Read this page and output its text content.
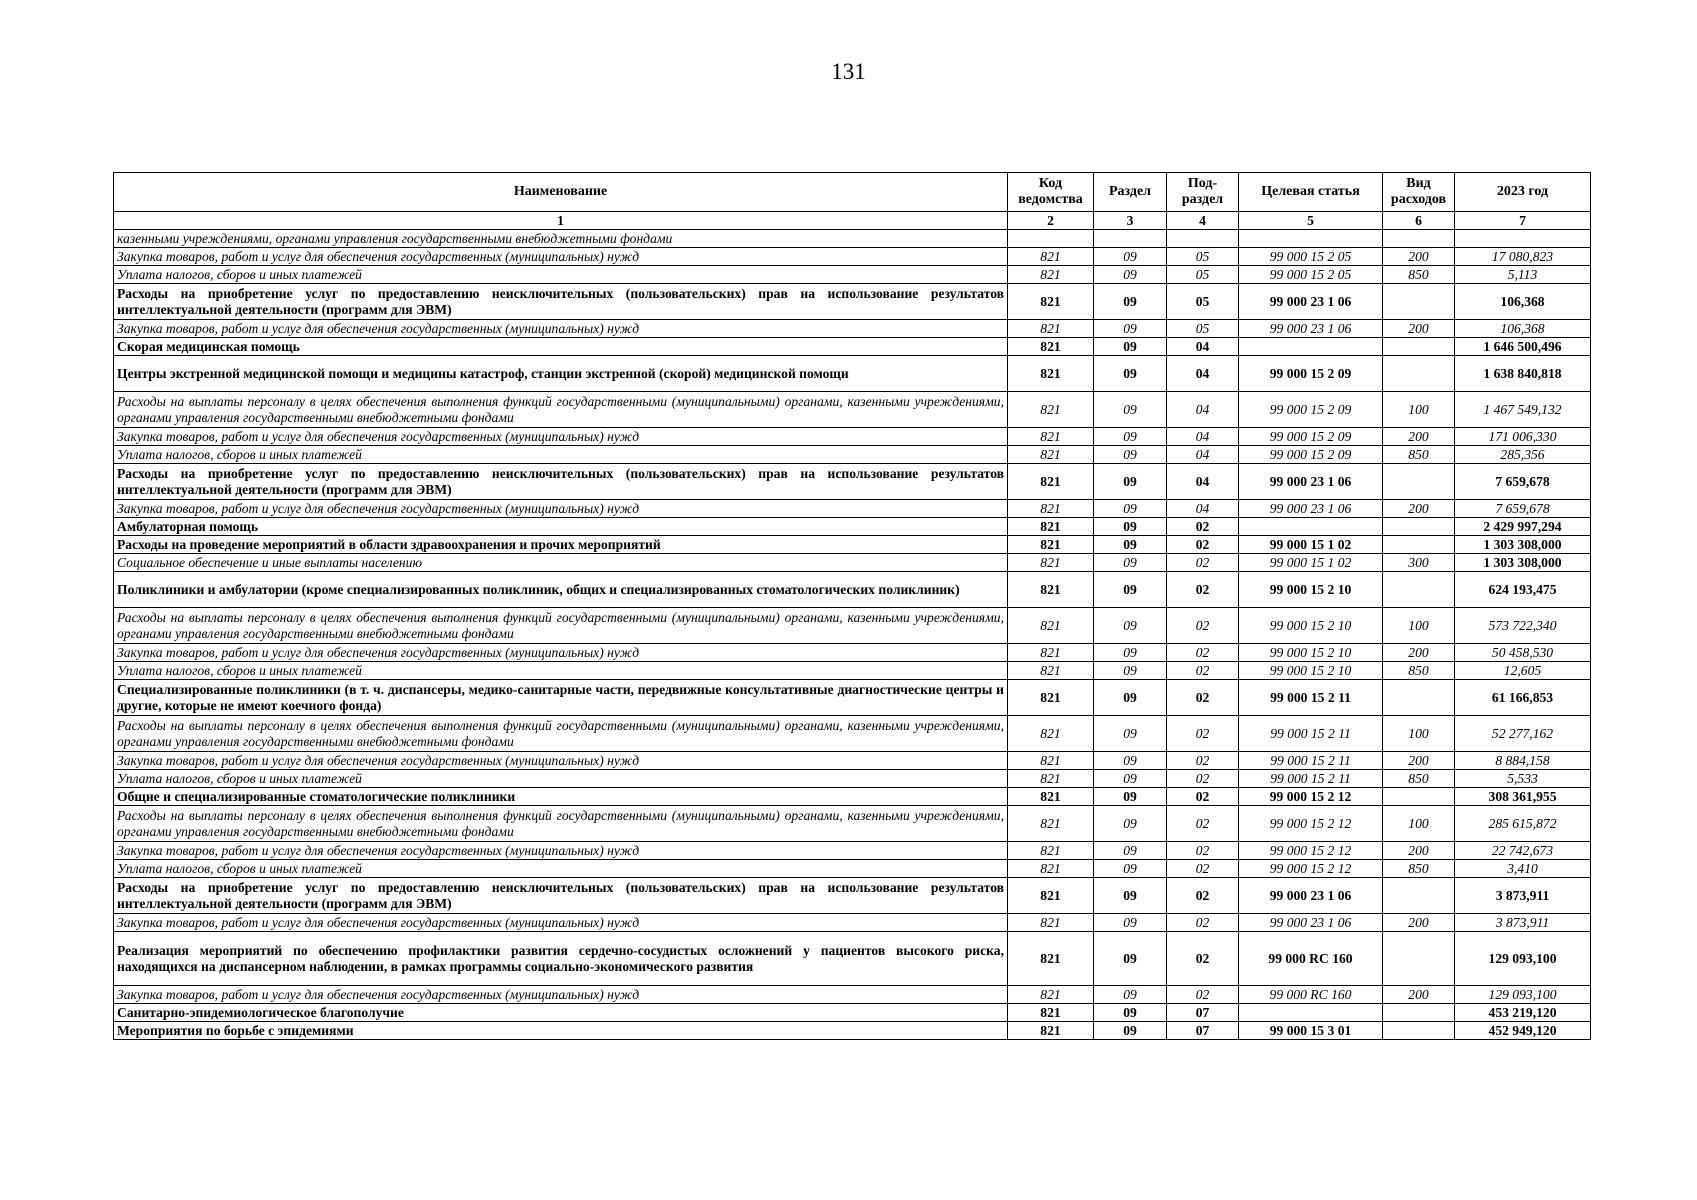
131
Наименование	Код ведомства	Раздел	Под-раздел	Целевая статья	Вид расходов	2023 год
1	2	3	4	5	6	7
казенными учреждениями, органами управления государственными внебюджетными фондами						
Закупка товаров, работ и услуг для обеспечения государственных (муниципальных) нужд	821	09	05	99 000 15 2 05	200	17 080,823
Уплата налогов, сборов и иных платежей	821	09	05	99 000 15 2 05	850	5,113
Расходы на приобретение услуг по предоставлению неисключительных (пользовательских) прав на использование результатов интеллектуальной деятельности (программ для ЭВМ)	821	09	05	99 000 23 1 06		106,368
Закупка товаров, работ и услуг для обеспечения государственных (муниципальных) нужд	821	09	05	99 000 23 1 06	200	106,368
Скорая медицинская помощь	821	09	04			1 646 500,496
Центры экстренной медицинской помощи и медицины катастроф, станции экстренной (скорой) медицинской помощи	821	09	04	99 000 15 2 09		1 638 840,818
Расходы на выплаты персоналу в целях обеспечения выполнения функций государственными (муниципальными) органами, казенными учреждениями, органами управления государственными внебюджетными фондами	821	09	04	99 000 15 2 09	100	1 467 549,132
Закупка товаров, работ и услуг для обеспечения государственных (муниципальных) нужд	821	09	04	99 000 15 2 09	200	171 006,330
Уплата налогов, сборов и иных платежей	821	09	04	99 000 15 2 09	850	285,356
Расходы на приобретение услуг по предоставлению неисключительных (пользовательских) прав на использование результатов интеллектуальной деятельности (программ для ЭВМ)	821	09	04	99 000 23 1 06		7 659,678
Закупка товаров, работ и услуг для обеспечения государственных (муниципальных) нужд	821	09	04	99 000 23 1 06	200	7 659,678
Амбулаторная помощь	821	09	02			2 429 997,294
Расходы на проведение мероприятий в области здравоохранения и прочих мероприятий	821	09	02	99 000 15 1 02		1 303 308,000
Социальное обеспечение и иные выплаты населению	821	09	02	99 000 15 1 02	300	1 303 308,000
Поликлиники и амбулатории (кроме специализированных поликлиник, общих и специализированных стоматологических поликлиник)	821	09	02	99 000 15 2 10		624 193,475
Расходы на выплаты персоналу в целях обеспечения выполнения функций государственными (муниципальными) органами, казенными учреждениями, органами управления государственными внебюджетными фондами	821	09	02	99 000 15 2 10	100	573 722,340
Закупка товаров, работ и услуг для обеспечения государственных (муниципальных) нужд	821	09	02	99 000 15 2 10	200	50 458,530
Уплата налогов, сборов и иных платежей	821	09	02	99 000 15 2 10	850	12,605
Специализированные поликлиники (в т. ч. диспансеры, медико-санитарные части, передвижные консультативные диагностические центры и другие, которые не имеют коечного фонда)	821	09	02	99 000 15 2 11		61 166,853
Расходы на выплаты персоналу в целях обеспечения выполнения функций государственными (муниципальными) органами, казенными учреждениями, органами управления государственными внебюджетными фондами	821	09	02	99 000 15 2 11	100	52 277,162
Закупка товаров, работ и услуг для обеспечения государственных (муниципальных) нужд	821	09	02	99 000 15 2 11	200	8 884,158
Уплата налогов, сборов и иных платежей	821	09	02	99 000 15 2 11	850	5,533
Общие и специализированные стоматологические поликлиники	821	09	02	99 000 15 2 12		308 361,955
Расходы на выплаты персоналу в целях обеспечения выполнения функций государственными (муниципальными) органами, казенными учреждениями, органами управления государственными внебюджетными фондами	821	09	02	99 000 15 2 12	100	285 615,872
Закупка товаров, работ и услуг для обеспечения государственных (муниципальных) нужд	821	09	02	99 000 15 2 12	200	22 742,673
Уплата налогов, сборов и иных платежей	821	09	02	99 000 15 2 12	850	3,410
Расходы на приобретение услуг по предоставлению неисключительных (пользовательских) прав на использование результатов интеллектуальной деятельности (программ для ЭВМ)	821	09	02	99 000 23 1 06		3 873,911
Закупка товаров, работ и услуг для обеспечения государственных (муниципальных) нужд	821	09	02	99 000 23 1 06	200	3 873,911
Реализация мероприятий по обеспечению профилактики развития сердечно-сосудистых осложнений у пациентов высокого риска, находящихся на диспансерном наблюдении, в рамках программы социально-экономического развития	821	09	02	99 000 RC 160		129 093,100
Закупка товаров, работ и услуг для обеспечения государственных (муниципальных) нужд	821	09	02	99 000 RC 160	200	129 093,100
Санитарно-эпидемиологическое благополучие	821	09	07			453 219,120
Мероприятия по борьбе с эпидемиями	821	09	07	99 000 15 3 01		452 949,120
